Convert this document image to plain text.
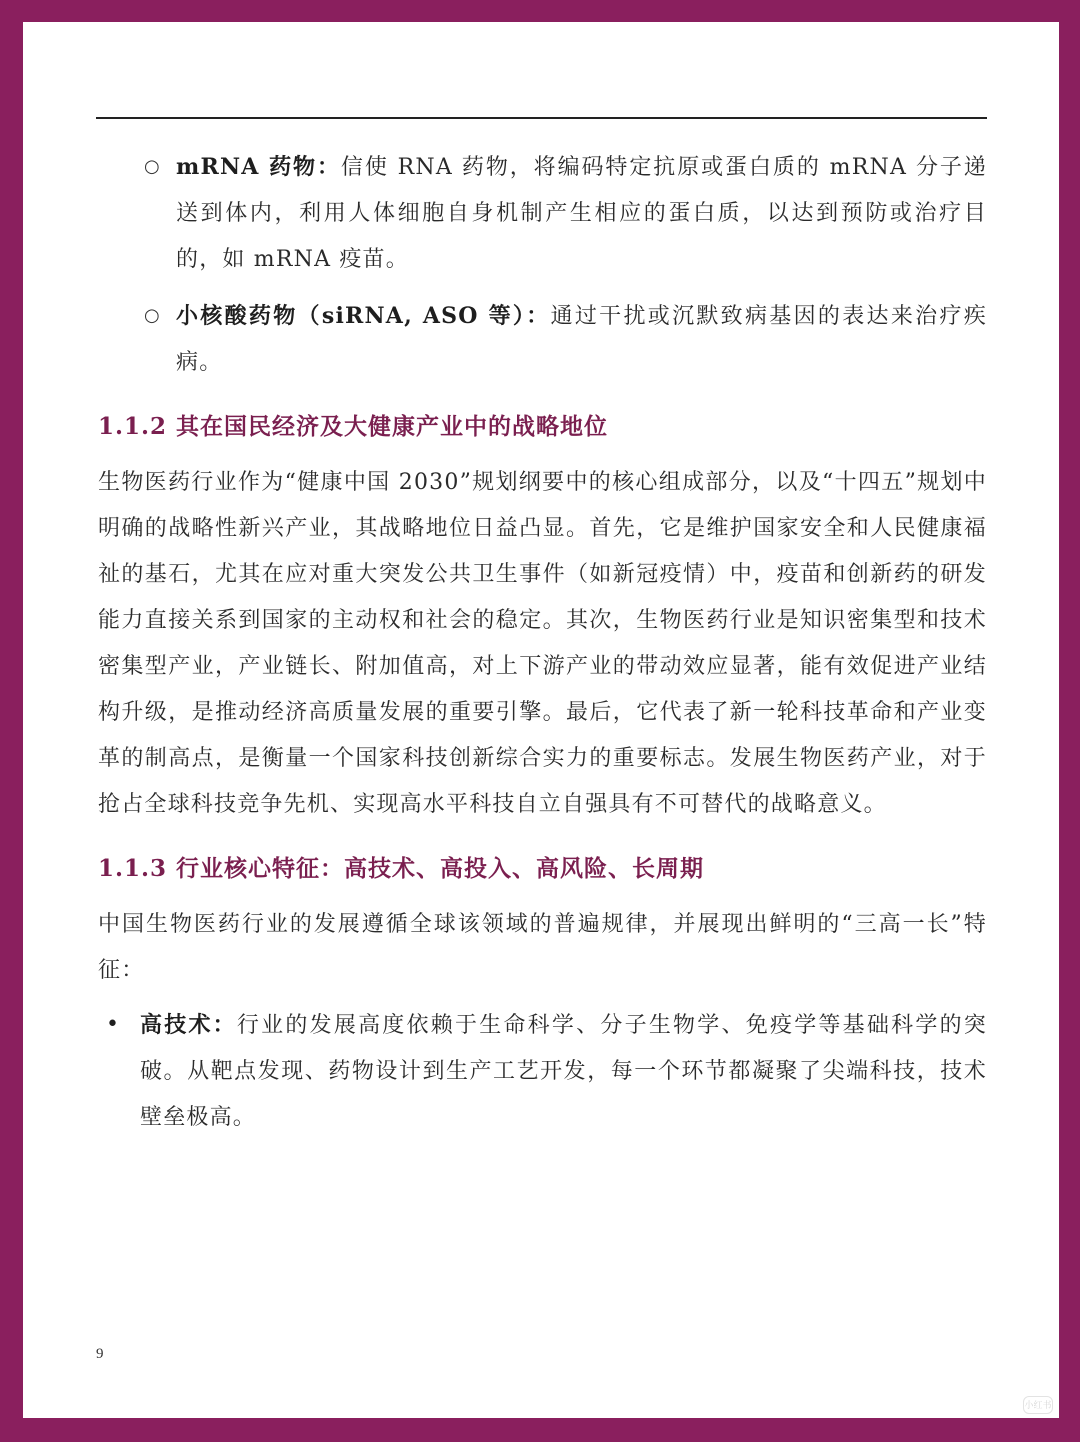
○ mRNA 药物：信使 RNA 药物，将编码特定抗原或蛋白质的 mRNA 分子递送到体内，利用人体细胞自身机制产生相应的蛋白质，以达到预防或治疗目的，如 mRNA 疫苗。
○ 小核酸药物（siRNA, ASO 等）：通过干扰或沉默致病基因的表达来治疗疾病。
1.1.2 其在国民经济及大健康产业中的战略地位

生物医药行业作为“健康中国 2030”规划纲要中的核心组成部分，以及“十四五”规划中明确的战略性新兴产业，其战略地位日益凸显。首先，它是维护国家安全和人民健康福祉的基石，尤其在应对重大突发公共卫生事件（如新冠疫情）中，疫苗和创新药的研发能力直接关系到国家的主动权和社会的稳定。其次，生物医药行业是知识密集型和技术密集型产业，产业链长、附加值高，对上下游产业的带动效应显著，能有效促进产业结构升级，是推动经济高质量发展的重要引擎。最后，它代表了新一轮科技革命和产业变革的制高点，是衡量一个国家科技创新综合实力的重要标志。发展生物医药产业，对于抢占全球科技竞争先机、实现高水平科技自立自强具有不可替代的战略意义。

1.1.3 行业核心特征：高技术、高投入、高风险、长周期

中国生物医药行业的发展遵循全球该领域的普遍规律，并展现出鲜明的“三高一长”特征：

• 高技术：行业的发展高度依赖于生命科学、分子生物学、免疫学等基础科学的突破。从靶点发现、药物设计到生产工艺开发，每一个环节都凝聚了尖端科技，技术壁垒极高。
9
小红书
